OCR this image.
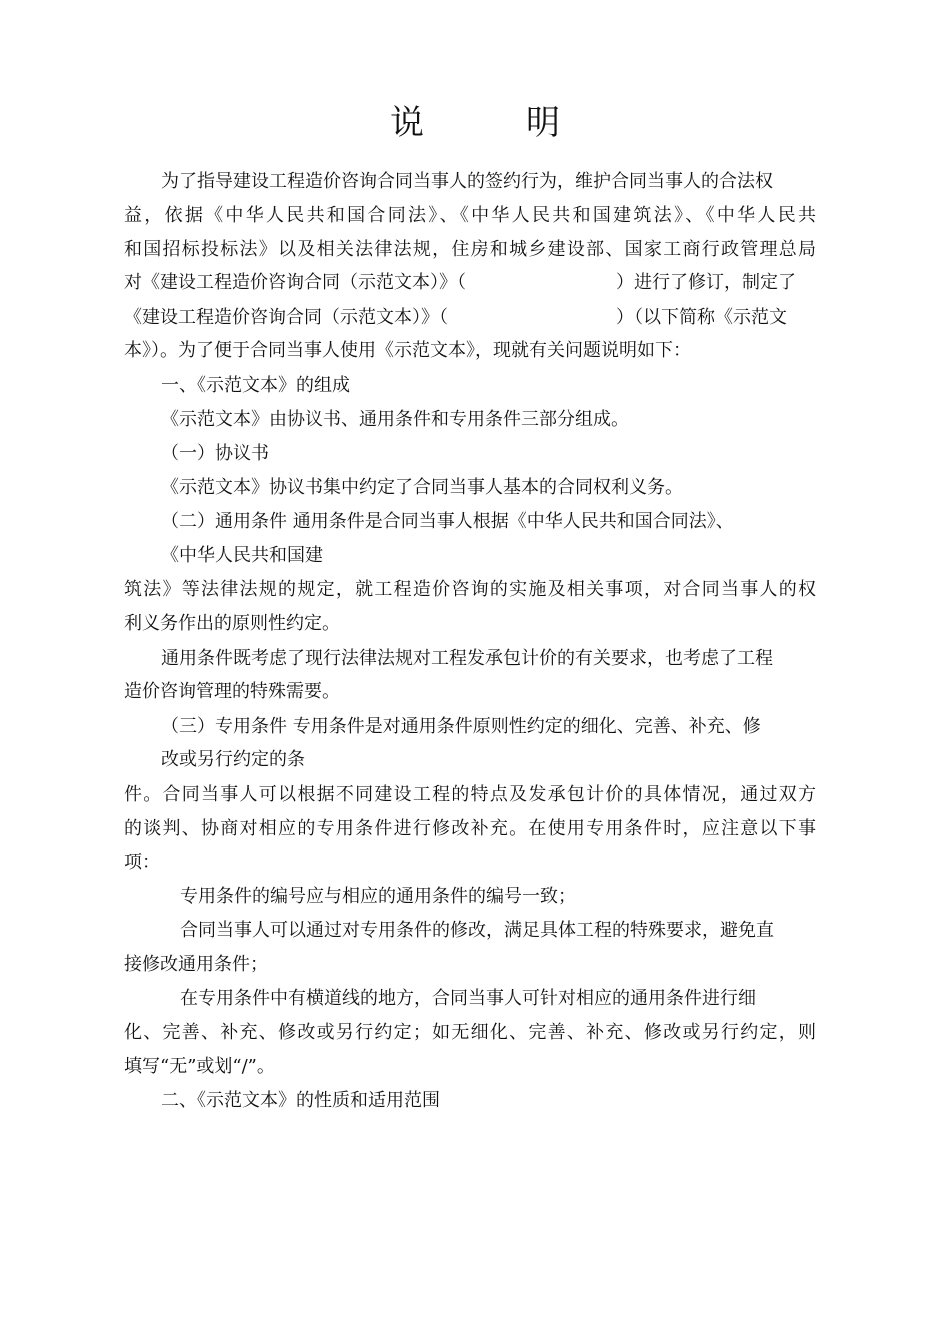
说　明
为了指导建设工程造价咨询合同当事人的签约行为，维护合同当事人的合法权
益，依据《中华人民共和国合同法》、《中华人民共和国建筑法》、《中华人民共
和国招标投标法》以及相关法律法规，住房和城乡建设部、国家工商行政管理总局
对《建设工程造价咨询合同（示范文本）》（	）进行了修订，制定了
《建设工程造价咨询合同（示范文本）》（	）（以下简称《示范文
本》）。为了便于合同当事人使用《示范文本》，现就有关问题说明如下：
一、《示范文本》的组成
《示范文本》由协议书、通用条件和专用条件三部分组成。
（一）协议书
《示范文本》协议书集中约定了合同当事人基本的合同权利义务。
（二）通用条件 通用条件是合同当事人根据《中华人民共和国合同法》、
《中华人民共和国建
筑法》等法律法规的规定，就工程造价咨询的实施及相关事项，对合同当事人的权
利义务作出的原则性约定。
通用条件既考虑了现行法律法规对工程发承包计价的有关要求，也考虑了工程
造价咨询管理的特殊需要。
（三）专用条件 专用条件是对通用条件原则性约定的细化、完善、补充、修
改或另行约定的条
件。合同当事人可以根据不同建设工程的特点及发承包计价的具体情况，通过双方
的谈判、协商对相应的专用条件进行修改补充。在使用专用条件时，应注意以下事
项：
专用条件的编号应与相应的通用条件的编号一致；
合同当事人可以通过对专用条件的修改，满足具体工程的特殊要求，避免直
接修改通用条件；
在专用条件中有横道线的地方，合同当事人可针对相应的通用条件进行细
化、完善、补充、修改或另行约定；如无细化、完善、补充、修改或另行约定，则
填写“无”或划“/”。
二、《示范文本》的性质和适用范围
